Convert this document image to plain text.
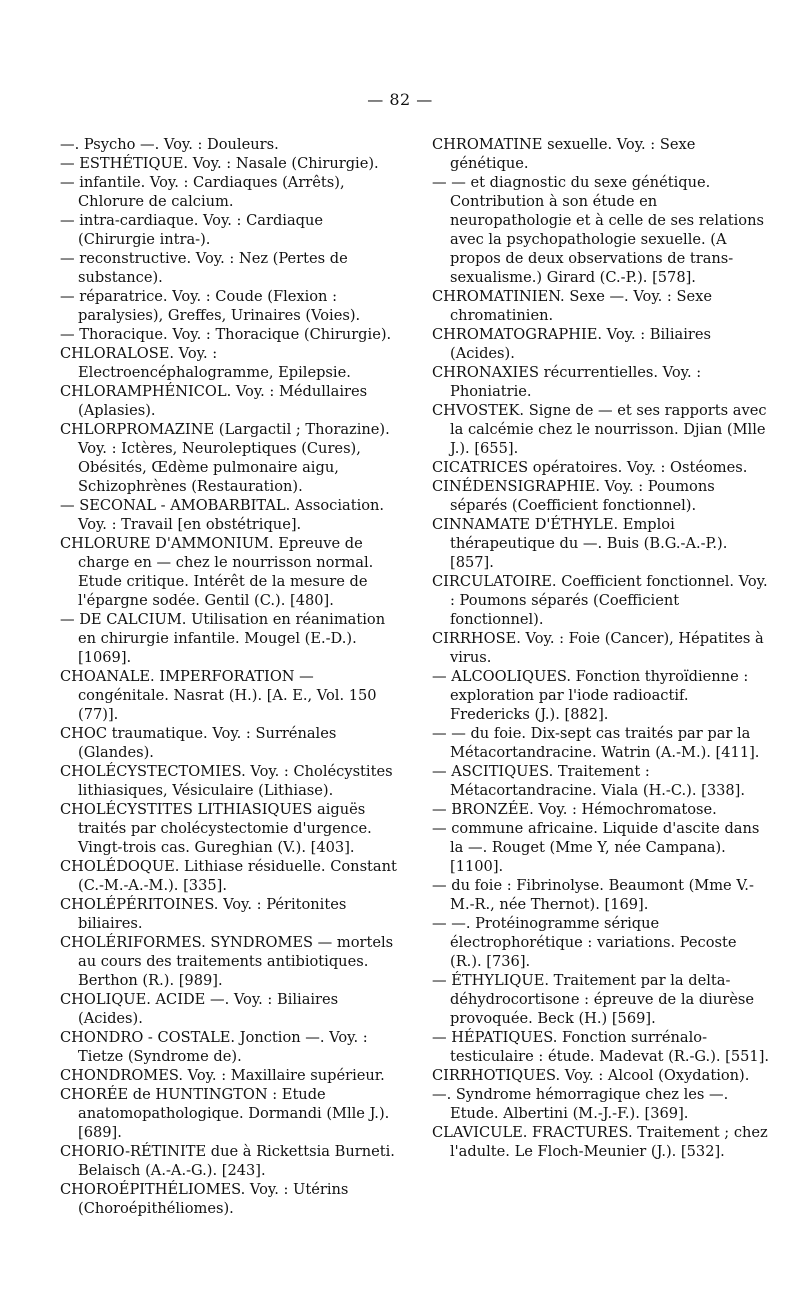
— 82 —

—. Psycho —. Voy. : Douleurs.

— ESTHÉTIQUE. Voy. : Nasale (Chirurgie).

— infantile. Voy. : Cardiaques (Arrêts), Chlorure de calcium.

— intra-cardiaque. Voy. : Cardiaque (Chirurgie intra-).

— reconstructive. Voy. : Nez (Pertes de substance).

— réparatrice. Voy. : Coude (Flexion : paralysies), Greffes, Urinaires (Voies).

— Thoracique. Voy. : Thoracique (Chirurgie).

CHLORALOSE. Voy. : Electroencéphalogramme, Epilepsie.

CHLORAMPHÉNICOL. Voy. : Médullaires (Aplasies).

CHLORPROMAZINE (Largactil ; Thorazine). Voy. : Ictères, Neuroleptiques (Cures), Obésités, Œdème pulmonaire aigu, Schizophrènes (Restauration).

— SECONAL - AMOBARBITAL. Association. Voy. : Travail [en obstétrique].

CHLORURE D'AMMONIUM. Epreuve de charge en — chez le nourrisson normal. Etude critique. Intérêt de la mesure de l'épargne sodée. Gentil (C.). [480].

— DE CALCIUM. Utilisation en réanimation en chirurgie infantile. Mougel (E.-D.). [1069].

CHOANALE. IMPERFORATION — congénitale. Nasrat (H.). [A. E., Vol. 150 (77)].

CHOC traumatique. Voy. : Surrénales (Glandes).

CHOLÉCYSTECTOMIES. Voy. : Cholécystites lithiasiques, Vésiculaire (Lithiase).

CHOLÉCYSTITES LITHIASIQUES aiguës traités par cholécystectomie d'urgence. Vingt-trois cas. Gureghian (V.). [403].

CHOLÉDOQUE. Lithiase résiduelle. Constant (C.-M.-A.-M.). [335].

CHOLÉPÉRITOINES. Voy. : Péritonites biliaires.

CHOLÉRIFORMES. SYNDROMES — mortels au cours des traitements antibiotiques. Berthon (R.). [989].

CHOLIQUE. ACIDE —. Voy. : Biliaires (Acides).

CHONDRO - COSTALE. Jonction —. Voy. : Tietze (Syndrome de).

CHONDROMES. Voy. : Maxillaire supérieur.

CHORÉE de HUNTINGTON : Etude anatomopathologique. Dormandi (Mlle J.). [689].

CHORIO-RÉTINITE due à Rickettsia Burneti. Belaisch (A.-A.-G.). [243].

CHOROÉPITHÉLIOMES. Voy. : Utérins (Choroépithéliomes).

CHROMATINE sexuelle. Voy. : Sexe génétique.

— — et diagnostic du sexe génétique. Contribution à son étude en neuropathologie et à celle de ses relations avec la psychopathologie sexuelle. (A propos de deux observations de trans-sexualisme.) Girard (C.-P.). [578].

CHROMATINIEN. Sexe —. Voy. : Sexe chromatinien.

CHROMATOGRAPHIE. Voy. : Biliaires (Acides).

CHRONAXIES récurrentielles. Voy. : Phoniatrie.

CHVOSTEK. Signe de — et ses rapports avec la calcémie chez le nourrisson. Djian (Mlle J.). [655].

CICATRICES opératoires. Voy. : Ostéomes.

CINÉDENSIGRAPHIE. Voy. : Poumons séparés (Coefficient fonctionnel).

CINNAMATE D'ÉTHYLE. Emploi thérapeutique du —. Buis (B.G.-A.-P.). [857].

CIRCULATOIRE. Coefficient fonctionnel. Voy. : Poumons séparés (Coefficient fonctionnel).

CIRRHOSE. Voy. : Foie (Cancer), Hépatites à virus.

— ALCOOLIQUES. Fonction thyroïdienne : exploration par l'iode radioactif. Fredericks (J.). [882].

— — du foie. Dix-sept cas traités par par la Métacortandracine. Watrin (A.-M.). [411].

— ASCITIQUES. Traitement : Métacortandracine. Viala (H.-C.). [338].

— BRONZÉE. Voy. : Hémochromatose.

— commune africaine. Liquide d'ascite dans la —. Rouget (Mme Y, née Campana). [1100].

— du foie : Fibrinolyse. Beaumont (Mme V.-M.-R., née Thernot). [169].

— —. Protéinogramme sérique électrophorétique : variations. Pecoste (R.). [736].

— ÉTHYLIQUE. Traitement par la delta-déhydrocortisone : épreuve de la diurèse provoquée. Beck (H.) [569].

— HÉPATIQUES. Fonction surrénalo-testiculaire : étude. Madevat (R.-G.). [551].

CIRRHOTIQUES. Voy. : Alcool (Oxydation).

—. Syndrome hémorragique chez les —. Etude. Albertini (M.-J.-F.). [369].

CLAVICULE. FRACTURES. Traitement ; chez l'adulte. Le Floch-Meunier (J.). [532].
